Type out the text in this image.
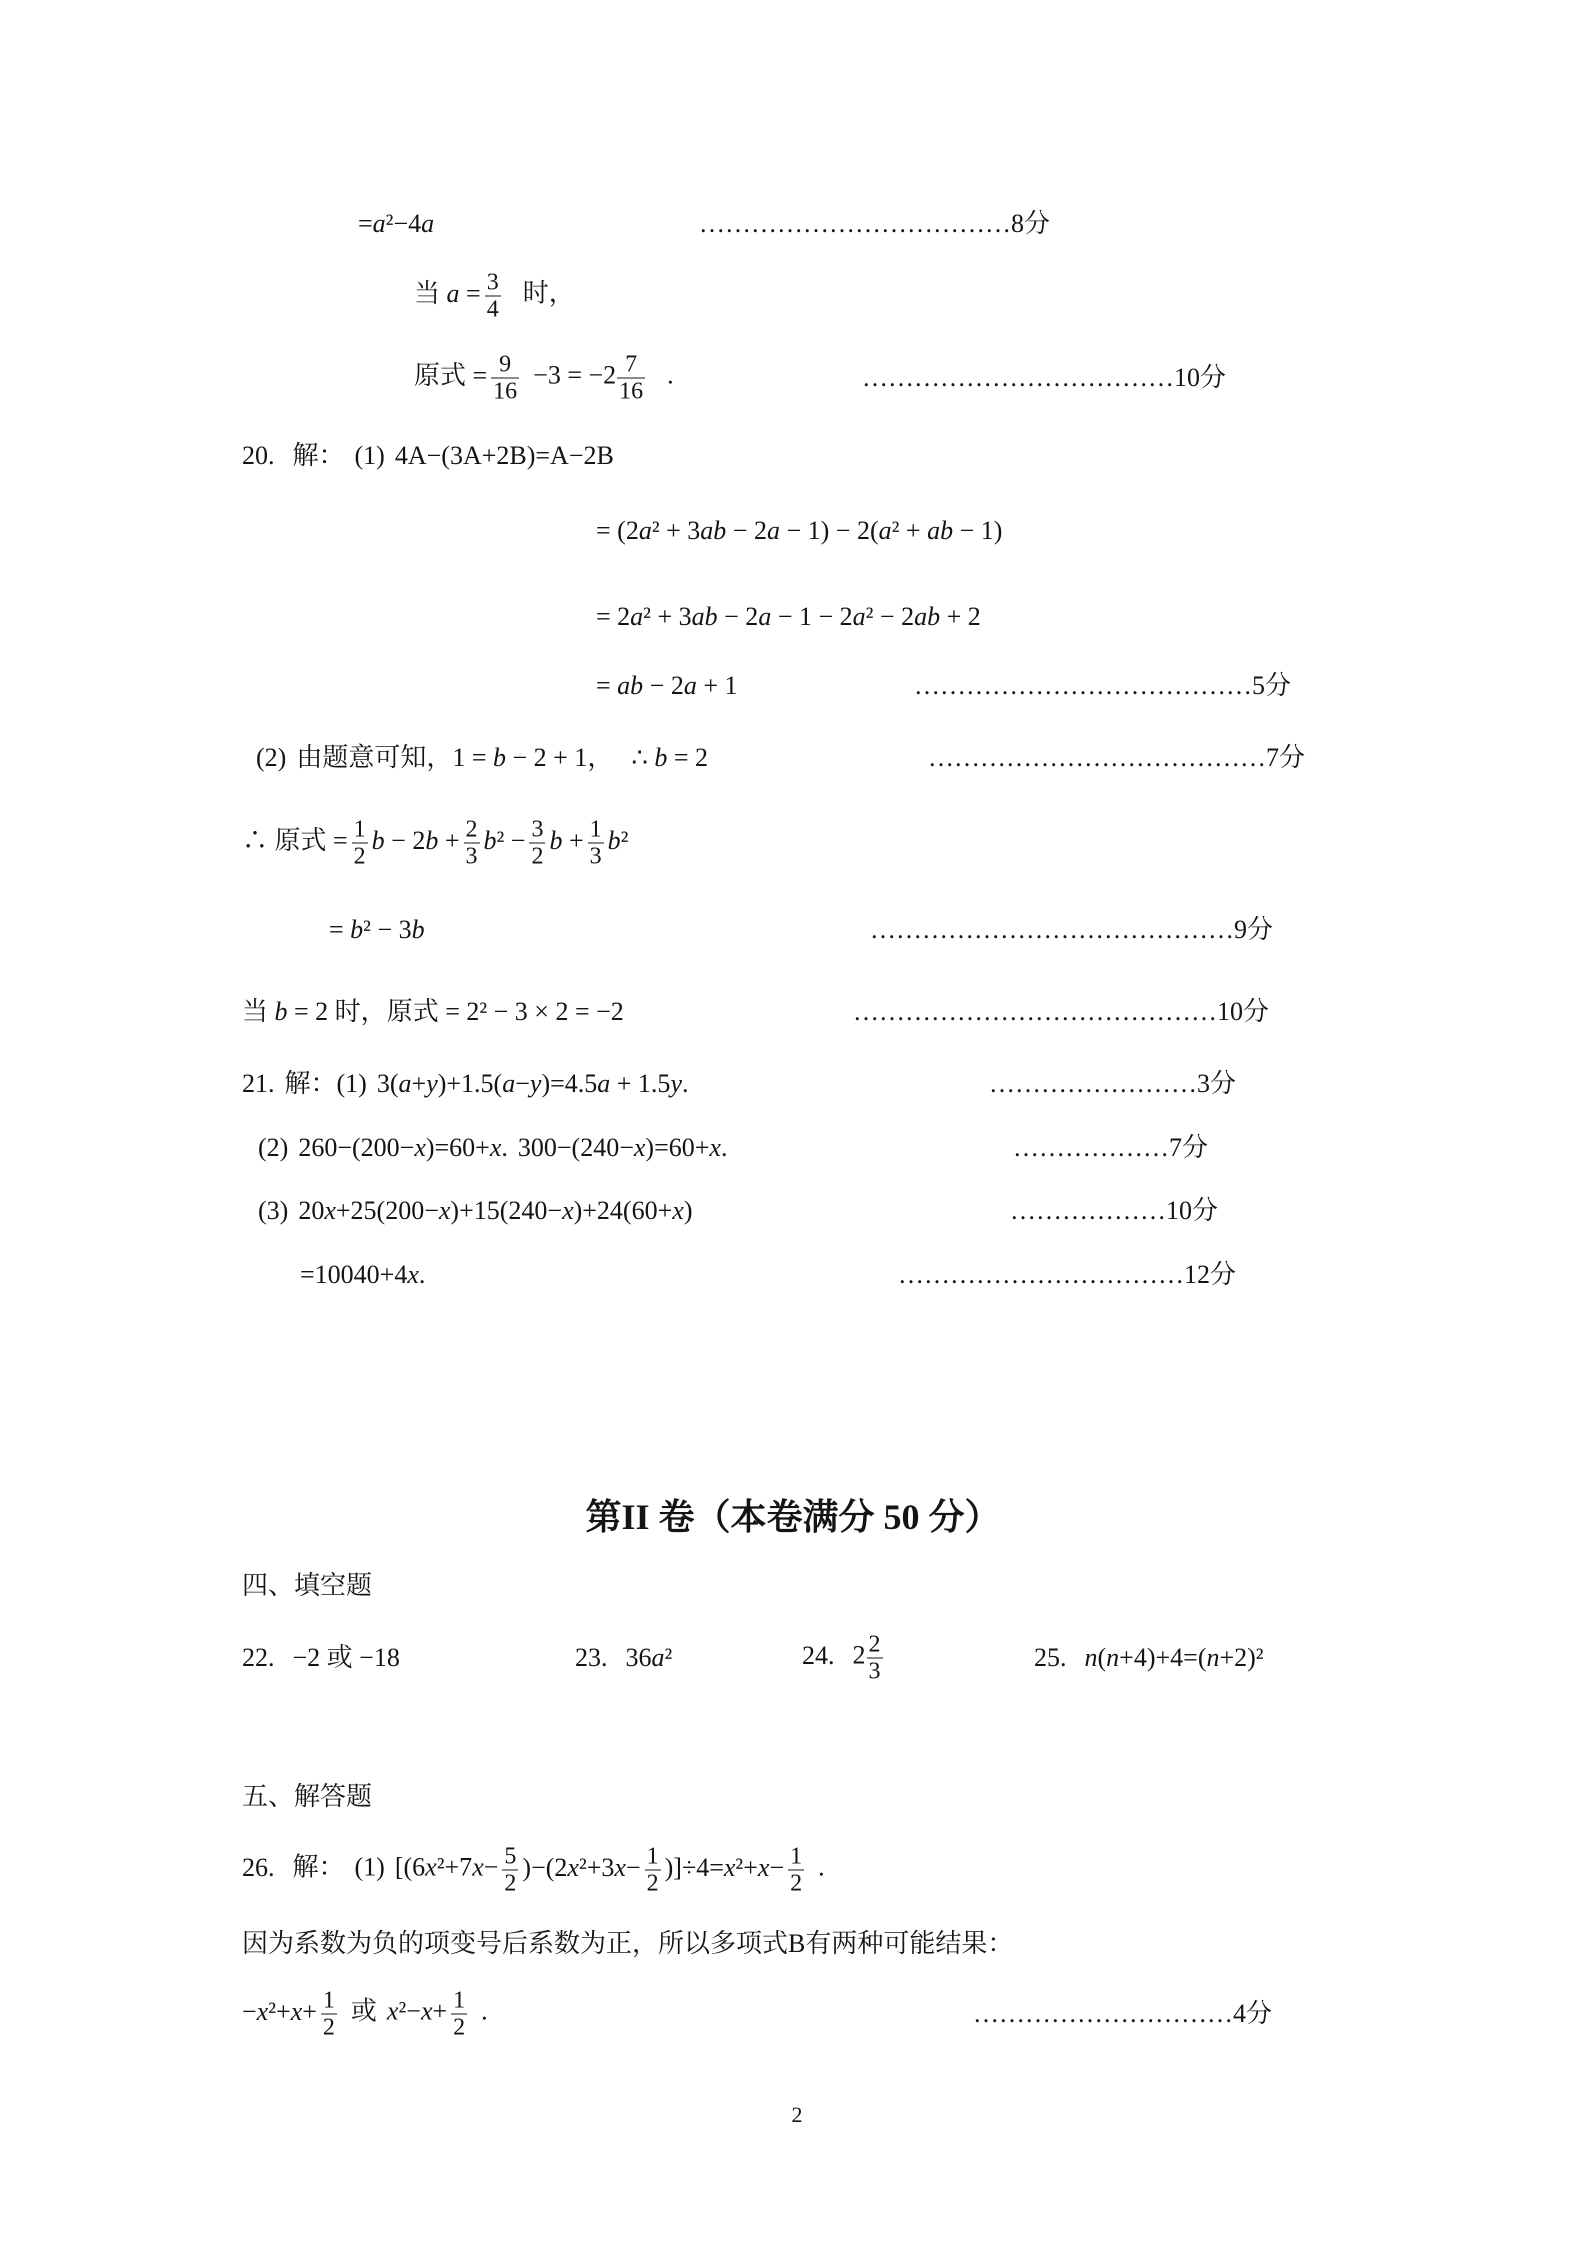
=a²−4a	……………………………… 8分
当 $a = \frac{3}{4}$ 时，
原式 = $\frac{9}{16} -3 = -2 \frac{7}{16}$ .	……………………………… 10分
20. 解： (1) 4A−(3A+2B)=A−2B
= (2a² + 3ab − 2a − 1) − 2(a² + ab − 1)
= 2a² + 3ab − 2a − 1 − 2a² − 2ab + 2
= ab − 2a + 1	………………………………… 5分
(2) 由题意可知，1 = b − 2 + 1， ∴ b = 2	………………………………… 7分
∴ 原式 = $\frac{1}{2}$ $b - 2b + \frac{2}{3} b^2 - \frac{3}{2}$ $b + \frac{1}{3} b^2$
= b² − 3b	…………………………………… 9分
当 b = 2 时，原式 = 2² − 3 × 2 = −2	…………………………………… 10分
21. 解：(1) 3(a+y)+1.5(a−y)=4.5a + 1.5y.	…………………… 3分
(2) 260−(200−x)=60+x. 300−(240−x)=60+x.	……………… 7分
(3) 20x+25(200−x)+15(240−x)+24(60+x)	……………… 10分
=10040+4x.	…………………………… 12分
第II 卷（本卷满分 50 分）
四、填空题
22. −2 或 −18	23. 36a²	24. $2 \frac{2}{3}$	25. n(n+4)+4=(n+2)²
五、解答题
26. 解： (1) $[(6x^2+7x- \frac{5}{2} )-(2x^2+3x- \frac{1}{2} )]\div 4=x^2+x- \frac{1}{2}$ .
因为系数为负的项变号后系数为正，所以多项式B有两种可能结果：
$-x^2+x+ \frac{1}{2}$ 或 $x^2-x+ \frac{1}{2}$ .	………………………… 4分
2
